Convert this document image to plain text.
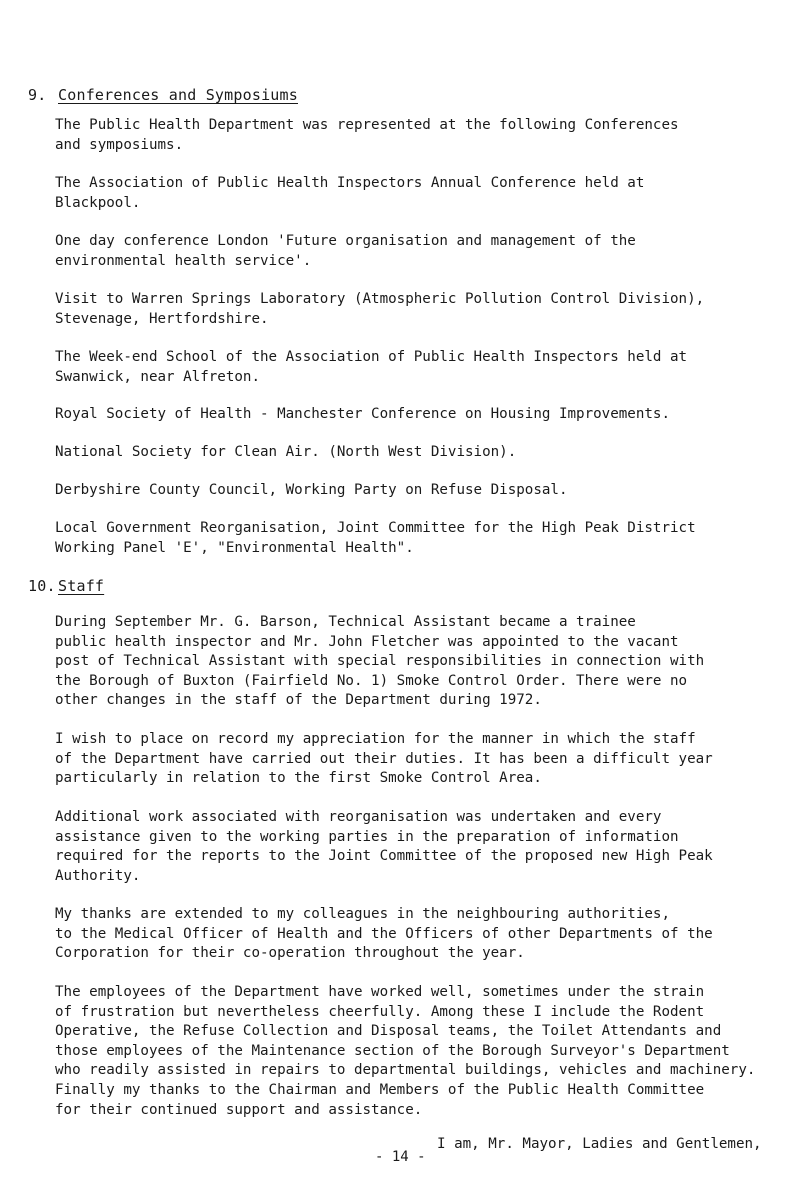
9. Conferences and Symposiums
The Public Health Department was represented at the following Conferences
and symposiums.
The Association of Public Health Inspectors Annual Conference held at
Blackpool.
One day conference London 'Future organisation and management of the
environmental health service'.
Visit to Warren Springs Laboratory (Atmospheric Pollution Control Division),
Stevenage, Hertfordshire.
The Week-end School of the Association of Public Health Inspectors held at
Swanwick, near Alfreton.
Royal Society of Health - Manchester Conference on Housing Improvements.
National Society for Clean Air. (North West Division).
Derbyshire County Council, Working Party on Refuse Disposal.
Local Government Reorganisation, Joint Committee for the High Peak District
Working Panel 'E', "Environmental Health".
10. Staff
During September Mr. G. Barson, Technical Assistant became a trainee
public health inspector and Mr. John Fletcher was appointed to the vacant
post of Technical Assistant with special responsibilities in connection with
the Borough of Buxton (Fairfield No. 1) Smoke Control Order. There were no
other changes in the staff of the Department during 1972.
I wish to place on record my appreciation for the manner in which the staff
of the Department have carried out their duties. It has been a difficult year
particularly in relation to the first Smoke Control Area.
Additional work associated with reorganisation was undertaken and every
assistance given to the working parties in the preparation of information
required for the reports to the Joint Committee of the proposed new High Peak
Authority.
My thanks are extended to my colleagues in the neighbouring authorities,
to the Medical Officer of Health and the Officers of other Departments of the
Corporation for their co-operation throughout the year.
The employees of the Department have worked well, sometimes under the strain
of frustration but nevertheless cheerfully. Among these I include the Rodent
Operative, the Refuse Collection and Disposal teams, the Toilet Attendants and
those employees of the Maintenance section of the Borough Surveyor's Department
who readily assisted in repairs to departmental buildings, vehicles and machinery.
Finally my thanks to the Chairman and Members of the Public Health Committee
for their continued support and assistance.
I am, Mr. Mayor, Ladies and Gentlemen,
- 14 -
